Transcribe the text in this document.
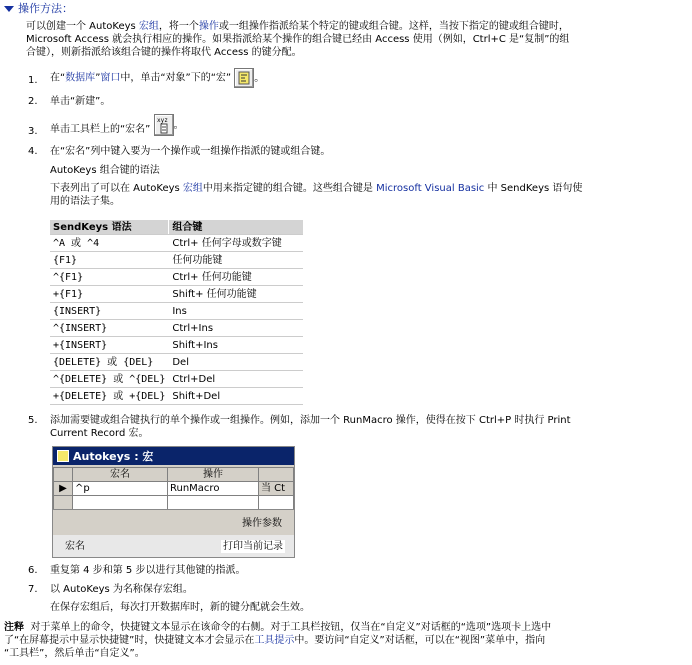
操作方法：
可以创建一个 AutoKeys 宏组，将一个操作或一组操作指派给某个特定的键或组合键。这样，当按下指定的键或组合键时，
Microsoft Access 就会执行相应的操作。如果指派给某个操作的组合键已经由 Access 使用（例如，Ctrl+C 是“复制”的组
合键），则新指派给该组合键的操作将取代 Access 的键分配。
1.	在“数据库”窗口中，单击“对象”下的“宏” 。
2.	单击“新建”。
3.	单击工具栏上的“宏名”
xyz 。
4.	在“宏名”列中键入要为一个操作或一组操作指派的键或组合键。
AutoKeys 组合键的语法
下表列出了可以在 AutoKeys 宏组中用来指定键的组合键。这些组合键是 Microsoft Visual Basic 中 SendKeys 语句使
用的语法子集。
SendKeys 语法	组合键
^A 或 ^4	Ctrl+ 任何字母或数字键
{F1}	任何功能键
^{F1}	Ctrl+ 任何功能键
+{F1}	Shift+ 任何功能键
{INSERT}	Ins
^{INSERT}	Ctrl+Ins
+{INSERT}	Shift+Ins
{DELETE} 或 {DEL}	Del
^{DELETE} 或 ^{DEL}	Ctrl+Del
+{DELETE} 或 +{DEL}	Shift+Del
5.	添加需要键或组合键执行的单个操作或一组操作。例如，添加一个 RunMacro 操作，使得在按下 Ctrl+P 时执行 Print
Current Record 宏。
Autokeys : 宏
	宏名	操作	
▶	^p	RunMacro	当 Ct

操作参数
宏名	打印当前记录
6.	重复第 4 步和第 5 步以进行其他键的指派。
7.	以 AutoKeys 为名称保存宏组。
在保存宏组后，每次打开数据库时，新的键分配就会生效。
注释 对于菜单上的命令，快捷键文本显示在该命令的右侧。对于工具栏按钮，仅当在“自定义”对话框的“选项”选项卡上选中
了“在屏幕提示中显示快捷键”时，快捷键文本才会显示在工具提示中。要访问“自定义”对话框，可以在“视图”菜单中，指向
“工具栏”，然后单击“自定义”。
